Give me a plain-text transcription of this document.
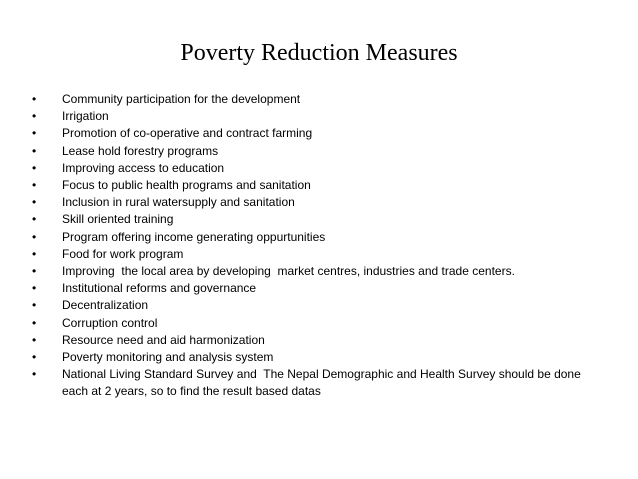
Poverty Reduction Measures
•	Community participation for the development
•	Irrigation
•	Promotion of co-operative and contract farming
•	Lease hold forestry programs
•	Improving access to education
•	Focus to public health programs and sanitation
•	Inclusion in rural watersupply and sanitation
•	Skill oriented training
•	Program offering income generating oppurtunities
•	Food for work program
•	Improving  the local area by developing  market centres, industries and trade centers.
•	Institutional reforms and governance
•	Decentralization
•	Corruption control
•	Resource need and aid harmonization
•	Poverty monitoring and analysis system
•	National Living Standard Survey and  The Nepal Demographic and Health Survey should be done each at 2 years, so to find the result based datas
